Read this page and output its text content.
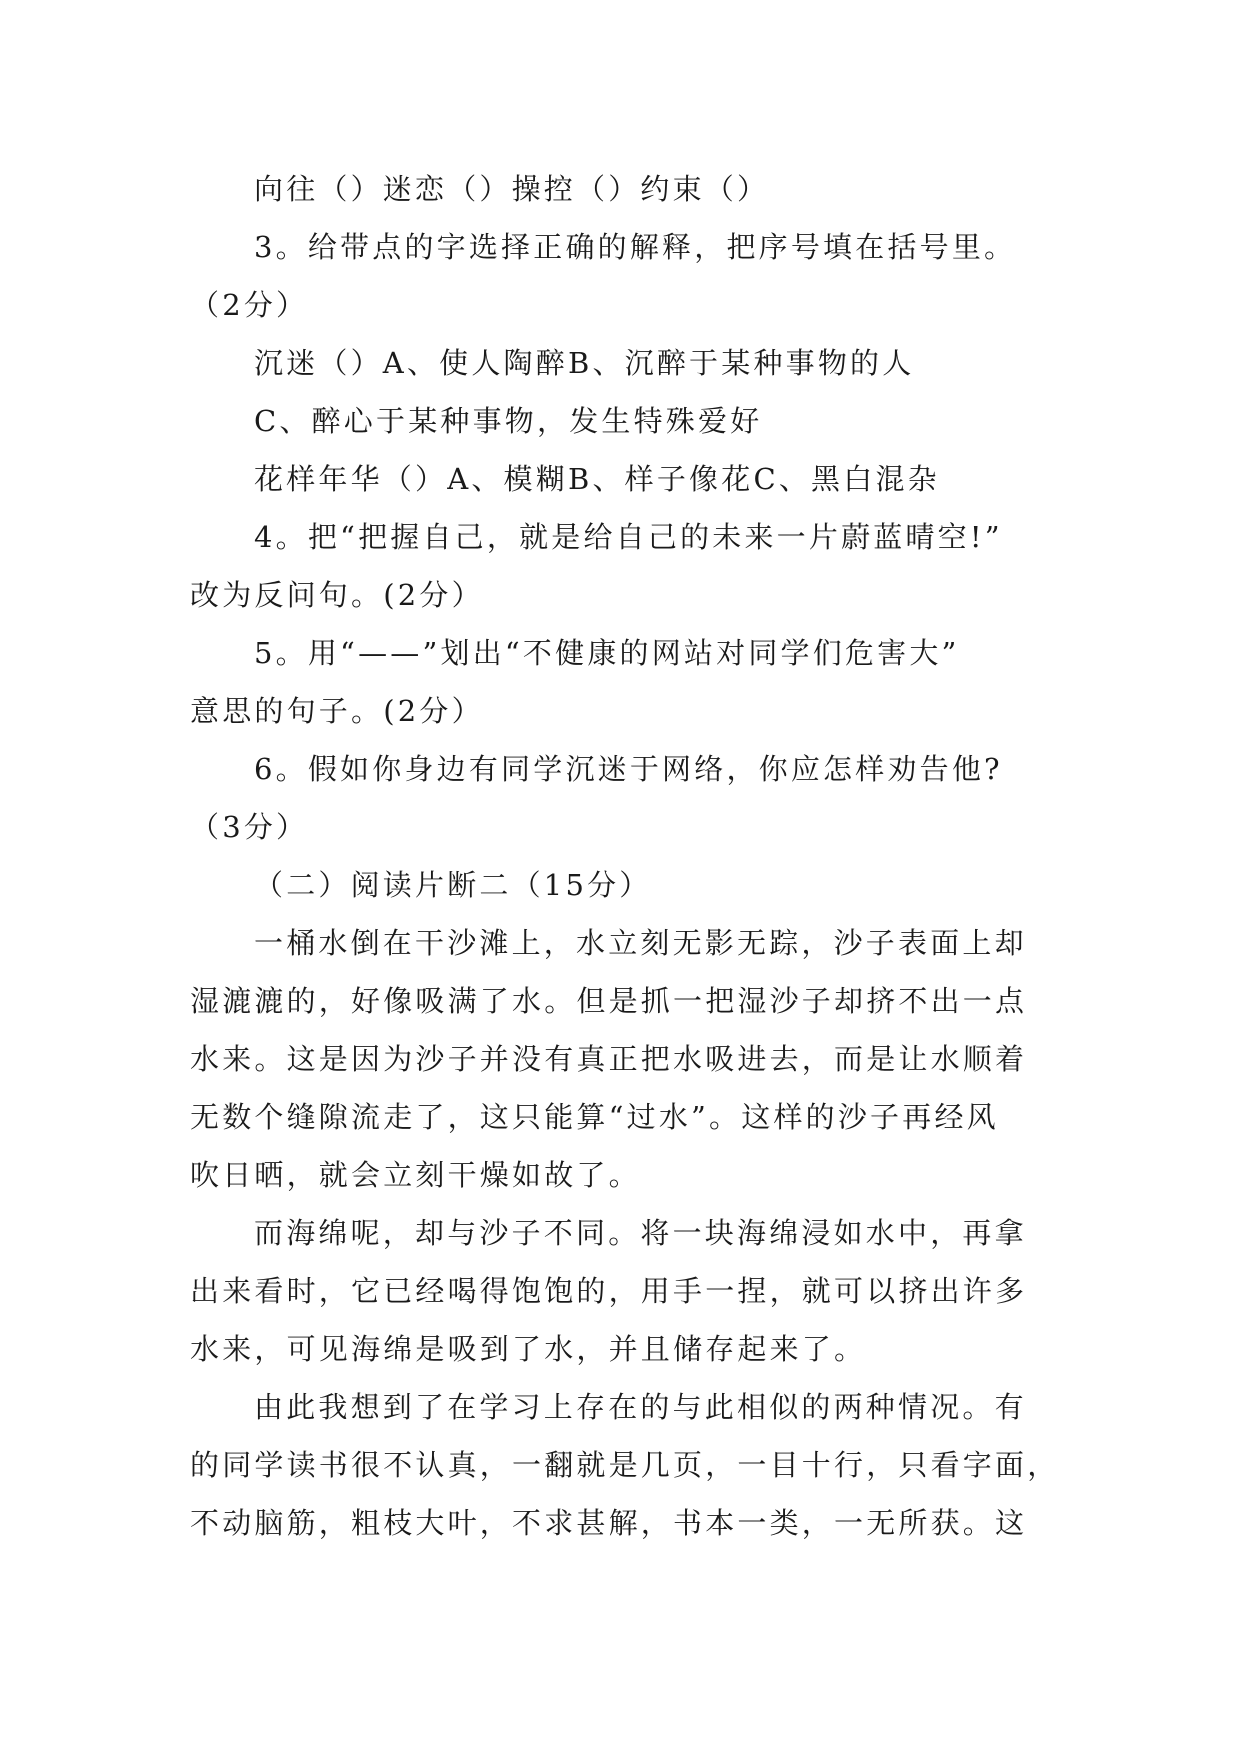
向往（）迷恋（）操控（）约束（）
3。给带点的字选择正确的解释，把序号填在括号里。
（2分）
沉迷（）A、使人陶醉B、沉醉于某种事物的人
C、醉心于某种事物，发生特殊爱好
花样年华（）A、模糊B、样子像花C、黑白混杂
4。把“把握自己，就是给自己的未来一片蔚蓝晴空!”
改为反问句。(2分）
5。用“——”划出“不健康的网站对同学们危害大”
意思的句子。(2分）
6。假如你身边有同学沉迷于网络，你应怎样劝告他?
（3分）
（二）阅读片断二（15分）
一桶水倒在干沙滩上，水立刻无影无踪，沙子表面上却
湿漉漉的，好像吸满了水。但是抓一把湿沙子却挤不出一点
水来。这是因为沙子并没有真正把水吸进去，而是让水顺着
无数个缝隙流走了，这只能算“过水”。这样的沙子再经风
吹日晒，就会立刻干燥如故了。
而海绵呢，却与沙子不同。将一块海绵浸如水中，再拿
出来看时，它已经喝得饱饱的，用手一捏，就可以挤出许多
水来，可见海绵是吸到了水，并且储存起来了。
由此我想到了在学习上存在的与此相似的两种情况。有
的同学读书很不认真，一翻就是几页，一目十行，只看字面，
不动脑筋，粗枝大叶，不求甚解，书本一类，一无所获。这
